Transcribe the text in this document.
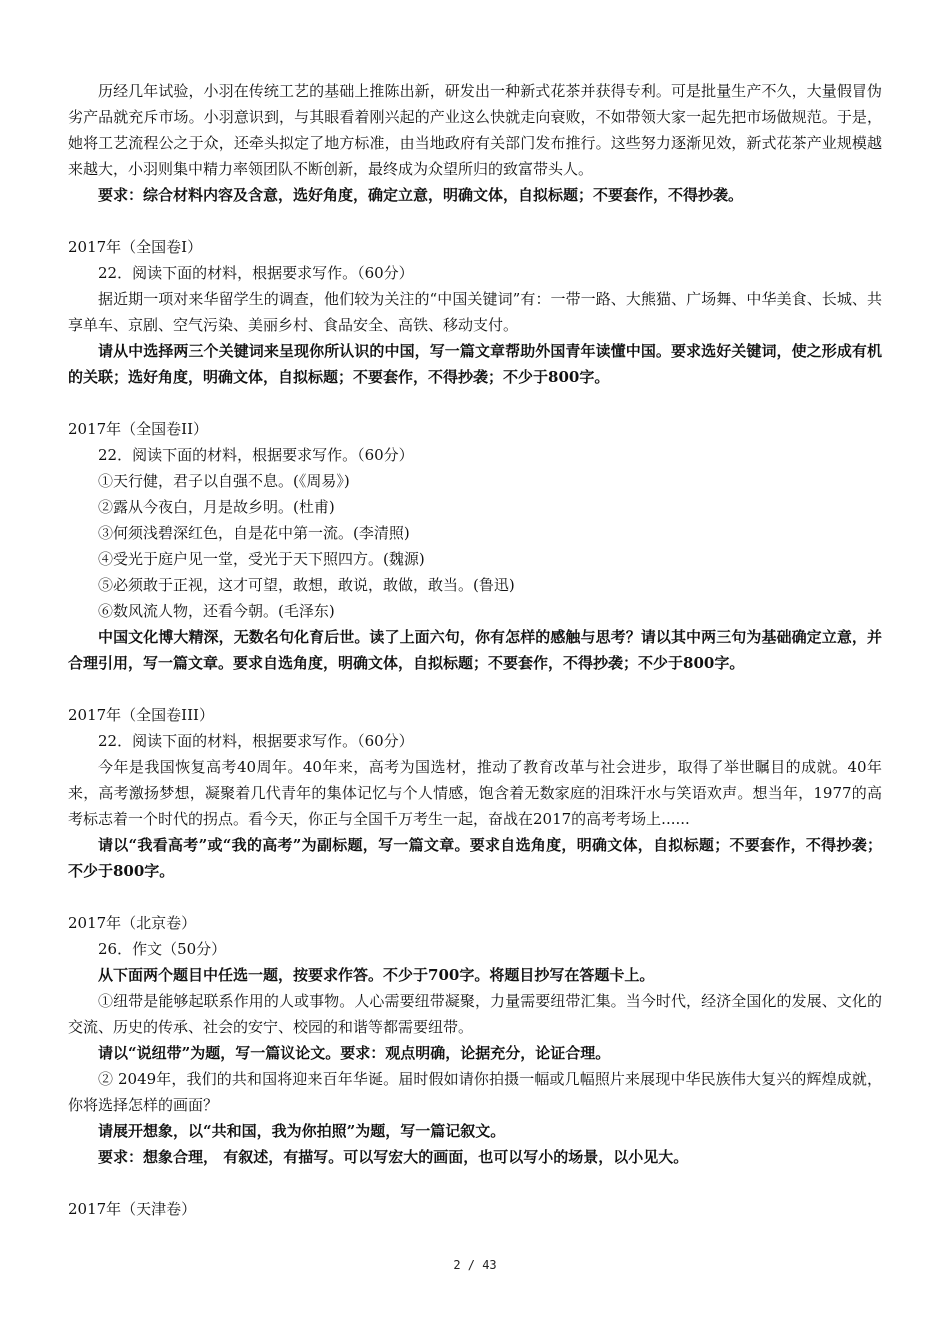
历经几年试验，小羽在传统工艺的基础上推陈出新，研发出一种新式花茶并获得专利。可是批量生产不久，大量假冒伪劣产品就充斥市场。小羽意识到，与其眼看着刚兴起的产业这么快就走向衰败，不如带领大家一起先把市场做规范。于是，她将工艺流程公之于众，还牵头拟定了地方标准，由当地政府有关部门发布推行。这些努力逐渐见效，新式花茶产业规模越来越大，小羽则集中精力率领团队不断创新，最终成为众望所归的致富带头人。

要求：综合材料内容及含意，选好角度，确定立意，明确文体，自拟标题；不要套作，不得抄袭。

2017年（全国卷I）

22．阅读下面的材料，根据要求写作。（60分）

据近期一项对来华留学生的调查，他们较为关注的“中国关键词”有：一带一路、大熊猫、广场舞、中华美食、长城、共享单车、京剧、空气污染、美丽乡村、食品安全、高铁、移动支付。

请从中选择两三个关键词来呈现你所认识的中国，写一篇文章帮助外国青年读懂中国。要求选好关键词，使之形成有机的关联；选好角度，明确文体，自拟标题；不要套作，不得抄袭；不少于800字。

2017年（全国卷II）

22．阅读下面的材料，根据要求写作。（60分）

①天行健，君子以自强不息。(《周易》)

②露从今夜白，月是故乡明。(杜甫)

③何须浅碧深红色，自是花中第一流。(李清照)

④受光于庭户见一堂，受光于天下照四方。(魏源)

⑤必须敢于正视，这才可望，敢想，敢说，敢做，敢当。(鲁迅)

⑥数风流人物，还看今朝。(毛泽东)

中国文化博大精深，无数名句化育后世。读了上面六句，你有怎样的感触与思考？请以其中两三句为基础确定立意，并合理引用，写一篇文章。要求自选角度，明确文体，自拟标题；不要套作，不得抄袭；不少于800字。

2017年（全国卷III）

22．阅读下面的材料，根据要求写作。（60分）

今年是我国恢复高考40周年。40年来，高考为国选材，推动了教育改革与社会进步，取得了举世瞩目的成就。40年来，高考激扬梦想，凝聚着几代青年的集体记忆与个人情感，饱含着无数家庭的泪珠汗水与笑语欢声。想当年，1977的高考标志着一个时代的拐点。看今天，你正与全国千万考生一起，奋战在2017的高考考场上......

请以“我看高考”或“我的高考”为副标题，写一篇文章。要求自选角度，明确文体，自拟标题；不要套作，不得抄袭；不少于800字。

2017年（北京卷）

26．作文（50分）

从下面两个题目中任选一题，按要求作答。不少于700字。将题目抄写在答题卡上。

①纽带是能够起联系作用的人或事物。人心需要纽带凝聚，力量需要纽带汇集。当今时代，经济全国化的发展、文化的交流、历史的传承、社会的安宁、校园的和谐等都需要纽带。

请以“说纽带”为题，写一篇议论文。要求：观点明确，论据充分，论证合理。

② 2049年，我们的共和国将迎来百年华诞。届时假如请你拍摄一幅或几幅照片来展现中华民族伟大复兴的辉煌成就，你将选择怎样的画面？

请展开想象，以“共和国，我为你拍照”为题，写一篇记叙文。

要求：想象合理， 有叙述，有描写。可以写宏大的画面，也可以写小的场景，以小见大。

2017年（天津卷）

2 / 43
